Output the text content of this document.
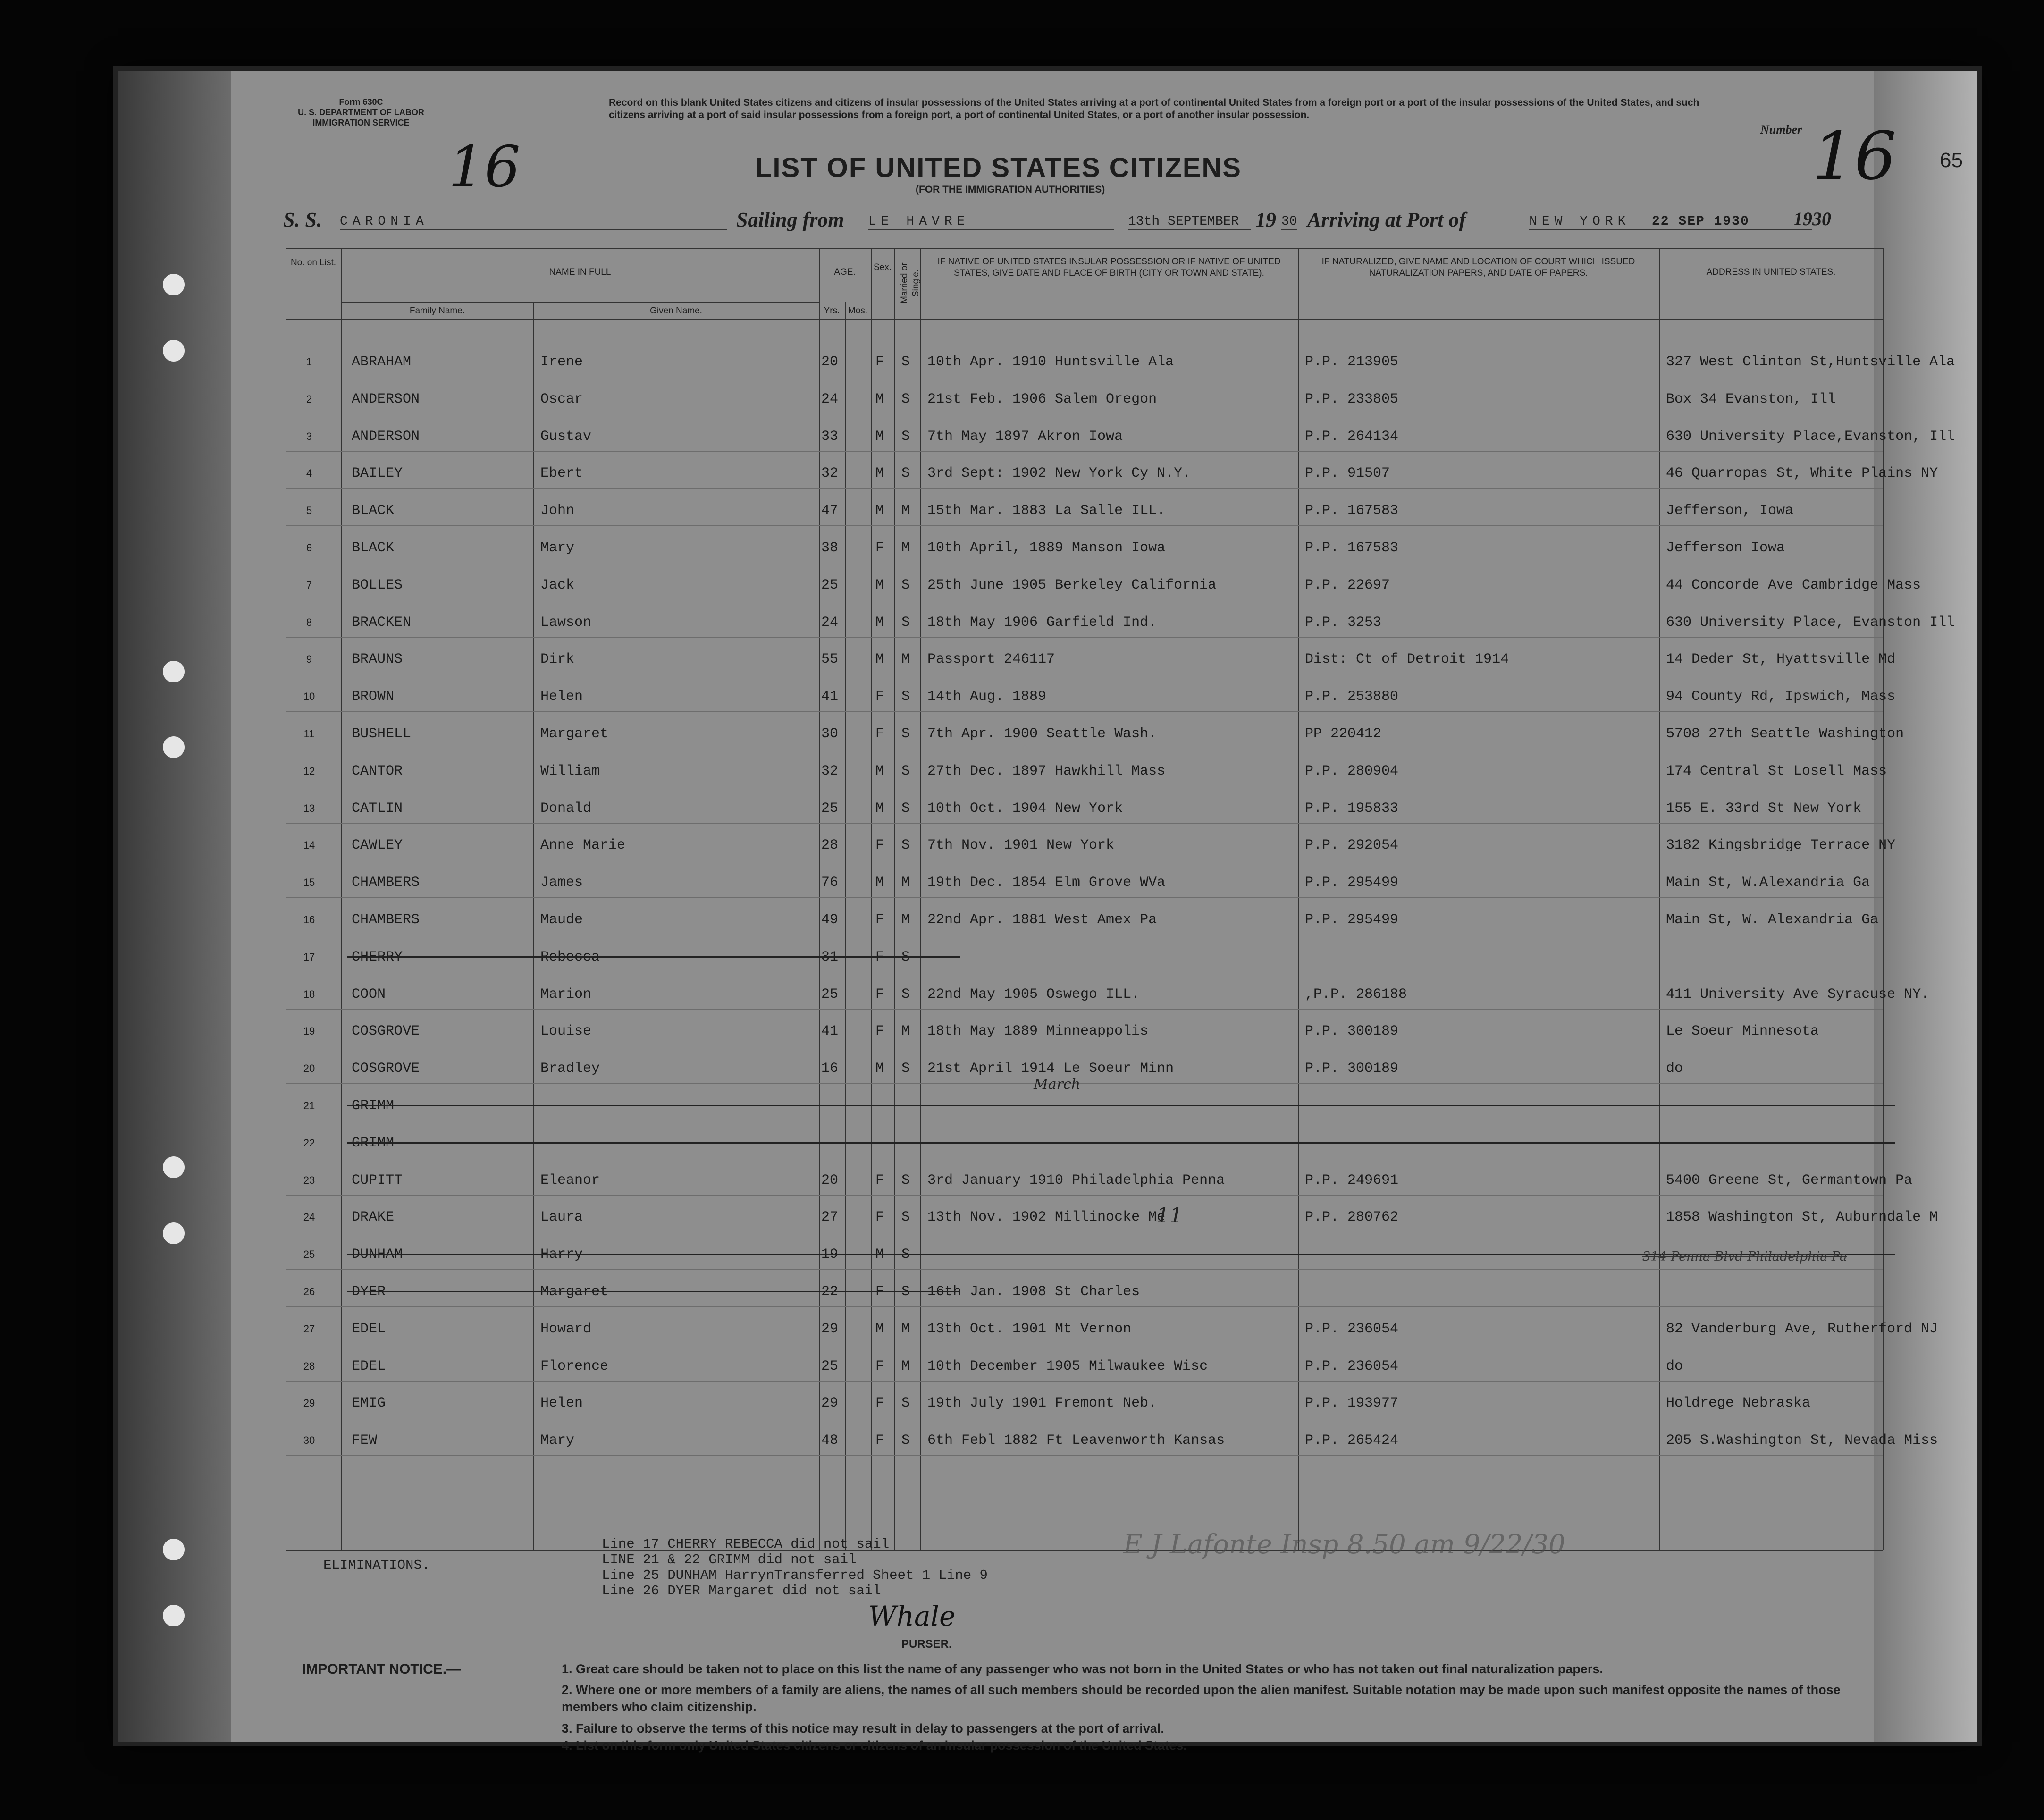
Form 630C
U. S. DEPARTMENT OF LABOR
IMMIGRATION SERVICE
16
Record on this blank United States citizens and citizens of insular possessions of the United States arriving at a port of continental United States from a foreign port or a port of the insular possessions of the United States, and such citizens arriving at a port of said insular possessions from a foreign port, a port of continental United States, or a port of another insular possession.
Number 16 65
LIST OF UNITED STATES CITIZENS
(FOR THE IMMIGRATION AUTHORITIES)
S. S. CARONIA	Sailing from LE HAVRE	13th SEPTEMBER 19 30 Arriving at Port of	NEW YORK	22 SEP 1930 1930
No. on List.
NAME IN FULL
Family Name.	Given Name.
AGE.
Yrs. Mos.
Sex. Married or Single.
IF NATIVE OF UNITED STATES INSULAR POSSESSION OR IF NATIVE OF UNITED STATES, GIVE DATE AND PLACE OF BIRTH (CITY OR TOWN AND STATE).
IF NATURALIZED, GIVE NAME AND LOCATION OF COURT WHICH ISSUED NATURALIZATION PAPERS, AND DATE OF PAPERS.	ADDRESS IN UNITED STATES.
1	ABRAHAM	Irene	20	F S 10th Apr. 1910 Huntsville Ala	P.P. 213905	327 West Clinton St,Huntsville Ala
2	ANDERSON	Oscar	24	M S 21st Feb. 1906 Salem Oregon	P.P. 233805	Box 34 Evanston, Ill
3	ANDERSON	Gustav	33	M S 7th May 1897 Akron Iowa	P.P. 264134	630 University Place,Evanston, Ill
4	BAILEY	Ebert	32	M S 3rd Sept: 1902 New York Cy N.Y.	P.P. 91507	46 Quarropas St, White Plains NY
5	BLACK	John	47	M M 15th Mar. 1883 La Salle ILL.	P.P. 167583	Jefferson, Iowa
6	BLACK	Mary	38	F M 10th April, 1889 Manson Iowa	P.P. 167583	Jefferson Iowa
7	BOLLES	Jack	25	M S 25th June 1905 Berkeley California	P.P. 22697	44 Concorde Ave Cambridge Mass
8	BRACKEN	Lawson	24	M S 18th May 1906 Garfield Ind.	P.P. 3253	630 University Place, Evanston Ill
9	BRAUNS	Dirk	55	M M Passport 246117	Dist: Ct of Detroit 1914	14 Deder St, Hyattsville Md
10	BROWN	Helen	41	F S 14th Aug. 1889	P.P. 253880	94 County Rd, Ipswich, Mass
11	BUSHELL	Margaret	30	F S 7th Apr. 1900 Seattle Wash.	PP 220412	5708 27th Seattle Washington
12	CANTOR	William	32	M S 27th Dec. 1897 Hawkhill Mass	P.P. 280904	174 Central St Losell Mass
13	CATLIN	Donald	25	M S 10th Oct. 1904 New York	P.P. 195833	155 E. 33rd St New York
14	CAWLEY	Anne Marie	28	F S 7th Nov. 1901 New York	P.P. 292054	3182 Kingsbridge Terrace NY
15	CHAMBERS	James	76	M M 19th Dec. 1854 Elm Grove WVa	P.P. 295499	Main St, W.Alexandria Ga
16	CHAMBERS	Maude	49	F M 22nd Apr. 1881 West Amex Pa	P.P. 295499	Main St, W. Alexandria Ga
17	CHERRY	Rebecca	31	F S
18	COON	Marion	25	F S 22nd May 1905 Oswego ILL.	,P.P. 286188	411 University Ave Syracuse NY.
19	COSGROVE	Louise	41	F M 18th May 1889 Minneappolis	P.P. 300189	Le Soeur Minnesota
20	COSGROVE	Bradley	16	M S 21st April 1914 Le Soeur Minn	P.P. 300189	do
21	GRIMM
22	GRIMM
23	CUPITT	Eleanor	20	F S 3rd January 1910 Philadelphia Penna	P.P. 249691	5400 Greene St, Germantown Pa
24	DRAKE	Laura	27	F S 13th Nov. 1902 Millinocke Me	P.P. 280762	1858 Washington St, Auburndale M
25	DUNHAM	Harry	19	M S
26	DYER	Margaret	22	F S 16th Jan. 1908 St Charles
27	EDEL	Howard	29	M M 13th Oct. 1901 Mt Vernon	P.P. 236054	82 Vanderburg Ave, Rutherford NJ
28	EDEL	Florence	25	F M 10th December 1905 Milwaukee Wisc	P.P. 236054	do
29	EMIG	Helen	29	F S 19th July 1901 Fremont Neb.	P.P. 193977	Holdrege Nebraska
30	FEW	Mary	48	F S 6th Febl 1882 Ft Leavenworth Kansas	P.P. 265424	205 S.Washington St, Nevada Miss
March
314 Penna Blvd Philadelphia Pa
11
ELIMINATIONS.
Line 17 CHERRY REBECCA did not sail
LINE 21 & 22 GRIMM did not sail
Line 25 DUNHAM HarrynTransferred Sheet 1 Line 9
Line 26 DYER Margaret did not sail
E J Lafonte Insp 8.50 am 9/22/30
Whale
PURSER.
IMPORTANT NOTICE.—	1. Great care should be taken not to place on this list the name of any passenger who was not born in the United States or who has not taken out final naturalization papers.
2. Where one or more members of a family are aliens, the names of all such members should be recorded upon the alien manifest. Suitable notation may be made upon such manifest opposite the names of those members who claim citizenship.
3. Failure to observe the terms of this notice may result in delay to passengers at the port of arrival.
4. List on this form only United States citizens or citizens of an insular possession of the United States.
